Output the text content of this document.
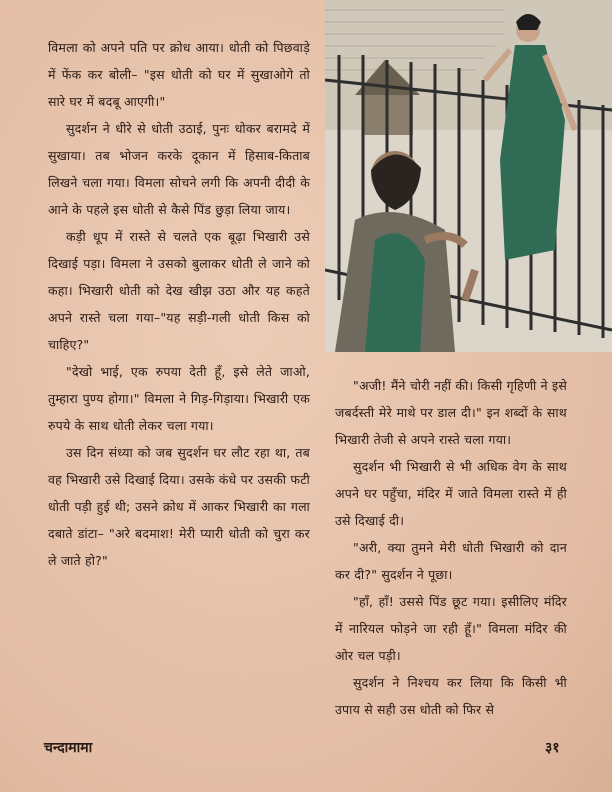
विमला को अपने पति पर क्रोध आया। धोती को पिछवाड़े में फेंक कर बोली– "इस धोती को घर में सुखाओगे तो सारे घर में बदबू आएगी।"

सुदर्शन ने धीरे से धोती उठाई, पुनः धोकर बरामदे में सुखाया। तब भोजन करके दूकान में हिसाब-किताब लिखने चला गया। विमला सोचने लगी कि अपनी दीदी के आने के पहले इस धोती से कैसे पिंड छुड़ा लिया जाय।

कड़ी धूप में रास्ते से चलते एक बूढ़ा भिखारी उसे दिखाई पड़ा। विमला ने उसको बुलाकर धोती ले जाने को कहा। भिखारी धोती को देख खीझ उठा और यह कहते अपने रास्ते चला गया–"यह सड़ी-गली धोती किस को चाहिए?"

"देखो भाई, एक रुपया देती हूँ, इसे लेते जाओ, तुम्हारा पुण्य होगा।" विमला ने गिड़-गिड़ाया। भिखारी एक रुपये के साथ धोती लेकर चला गया।

उस दिन संध्या को जब सुदर्शन घर लौट रहा था, तब वह भिखारी उसे दिखाई दिया। उसके कंधे पर उसकी फटी धोती पड़ी हुई थी; उसने क्रोध में आकर भिखारी का गला दबाते डांटा– "अरे बदमाश! मेरी प्यारी धोती को चुरा कर ले जाते हो?"

"अजी! मैंने चोरी नहीं की। किसी गृहिणी ने इसे जबर्दस्ती मेरे माथे पर डाल दी।" इन शब्दों के साथ भिखारी तेजी से अपने रास्ते चला गया।

सुदर्शन भी भिखारी से भी अधिक वेग के साथ अपने घर पहुँचा, मंदिर में जाते विमला रास्ते में ही उसे दिखाई दी।

"अरी, क्या तुमने मेरी धोती भिखारी को दान कर दी?" सुदर्शन ने पूछा।

"हाँ, हाँ! उससे पिंड छूट गया। इसीलिए मंदिर में नारियल फोड़ने जा रही हूँ।" विमला मंदिर की ओर चल पड़ी।

सुदर्शन ने निश्चय कर लिया कि किसी भी उपाय से सही उस धोती को फिर से

चन्दामामा	३१
